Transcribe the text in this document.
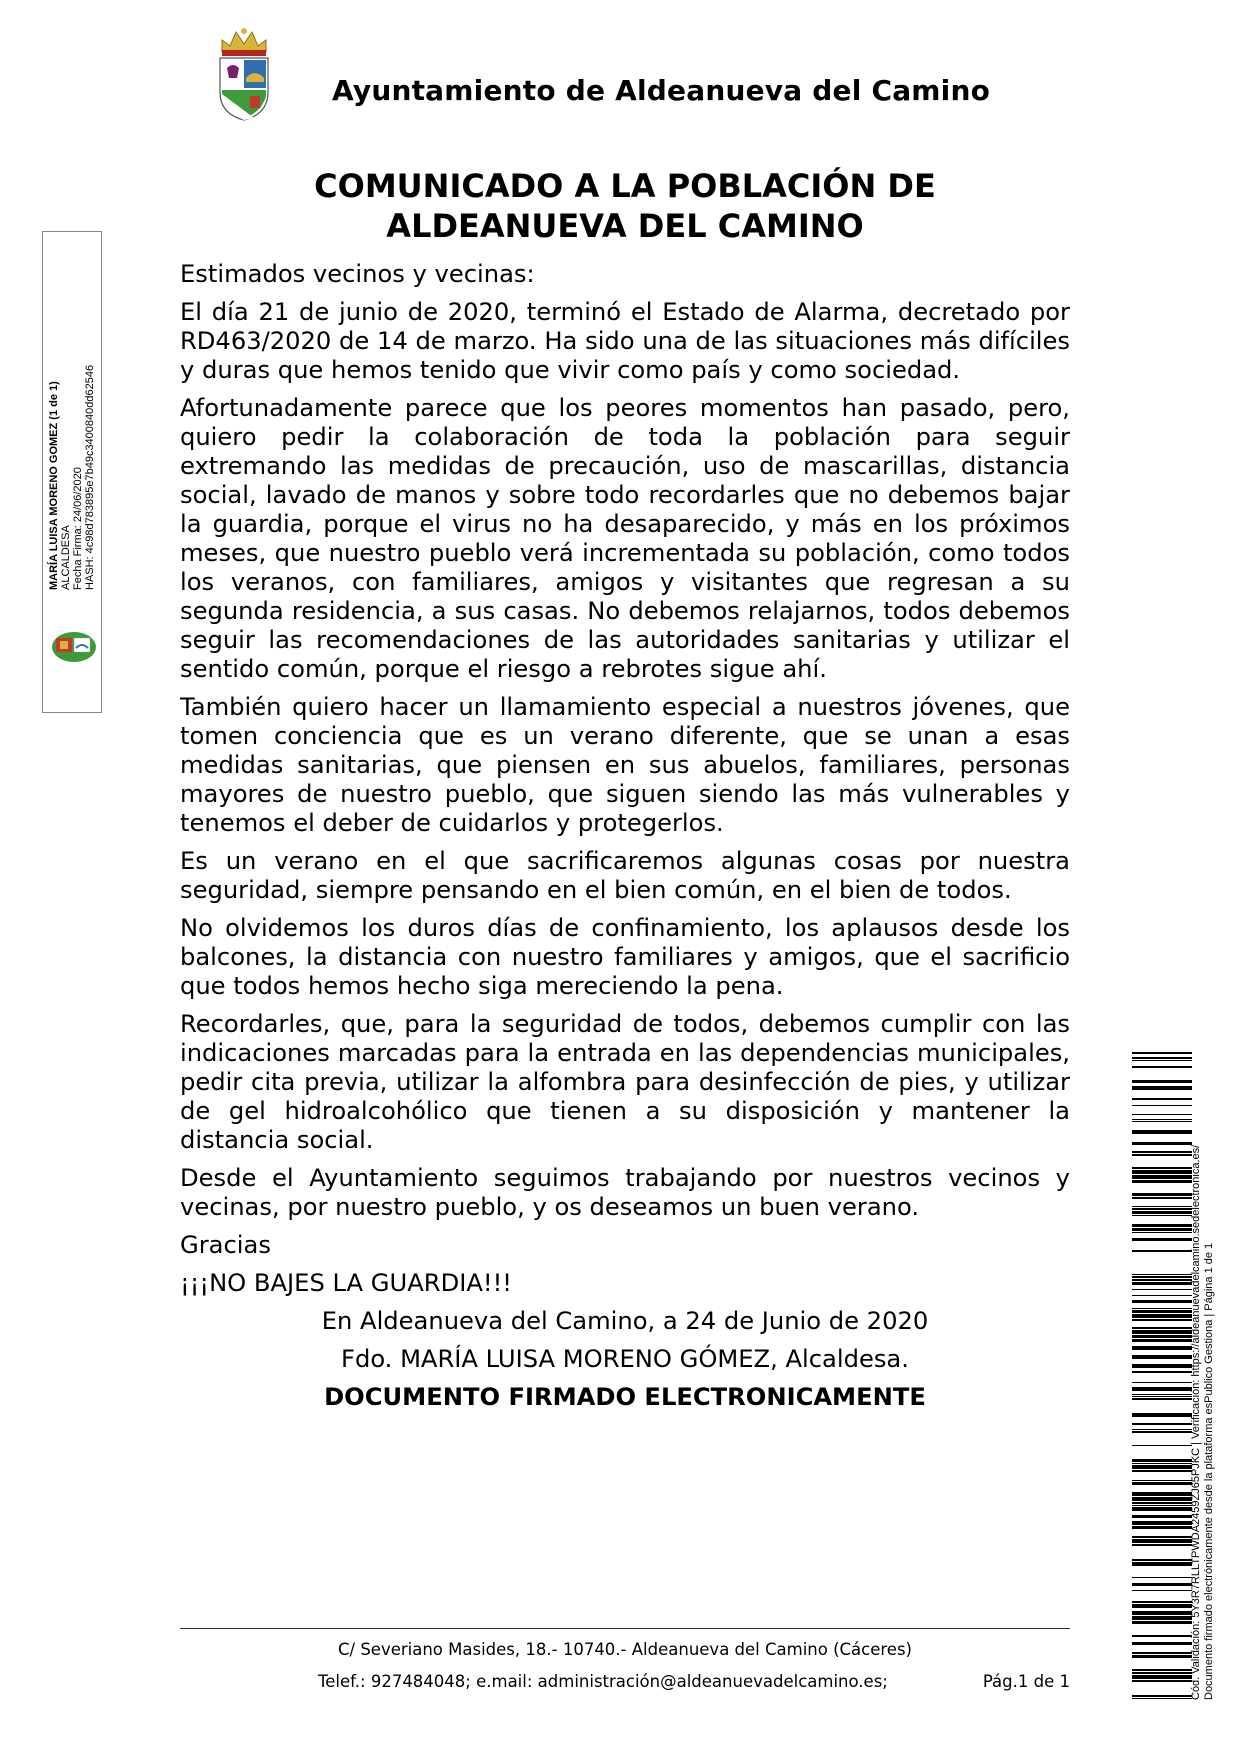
Ayuntamiento de Aldeanueva del Camino
COMUNICADO A LA POBLACIÓN DE
ALDEANUEVA DEL CAMINO

Estimados vecinos y vecinas:

El día 21 de junio de 2020, terminó el Estado de Alarma, decretado por RD463/2020 de 14 de marzo. Ha sido una de las situaciones más difíciles y duras que hemos tenido que vivir como país y como sociedad.

Afortunadamente parece que los peores momentos han pasado, pero, quiero pedir la colaboración de toda la población para seguir extremando las medidas de precaución, uso de mascarillas, distancia social, lavado de manos y sobre todo recordarles que no debemos bajar la guardia, porque el virus no ha desaparecido, y más en los próximos meses, que nuestro pueblo verá incrementada su población, como todos los veranos, con familiares, amigos y visitantes que regresan a su segunda residencia, a sus casas. No debemos relajarnos, todos debemos seguir las recomendaciones de las autoridades sanitarias y utilizar el sentido común, porque el riesgo a rebrotes sigue ahí.

También quiero hacer un llamamiento especial a nuestros jóvenes, que tomen conciencia que es un verano diferente, que se unan a esas medidas sanitarias, que piensen en sus abuelos, familiares, personas mayores de nuestro pueblo, que siguen siendo las más vulnerables y tenemos el deber de cuidarlos y protegerlos.

Es un verano en el que sacrificaremos algunas cosas por nuestra seguridad, siempre pensando en el bien común, en el bien de todos.

No olvidemos los duros días de confinamiento, los aplausos desde los balcones, la distancia con nuestro familiares y amigos, que el sacrificio que todos hemos hecho siga mereciendo la pena.

Recordarles, que, para la seguridad de todos, debemos cumplir con las indicaciones marcadas para la entrada en las dependencias municipales, pedir cita previa, utilizar la alfombra para desinfección de pies, y utilizar de gel hidroalcohólico que tienen a su disposición y mantener la distancia social.

Desde el Ayuntamiento seguimos trabajando por nuestros vecinos y vecinas, por nuestro pueblo, y os deseamos un buen verano.

Gracias

¡¡¡NO BAJES LA GUARDIA!!!

En Aldeanueva del Camino, a 24 de Junio de 2020

Fdo. MARÍA LUISA MORENO GÓMEZ, Alcaldesa.

DOCUMENTO FIRMADO ELECTRONICAMENTE

C/ Severiano Masides, 18.- 10740.- Aldeanueva del Camino (Cáceres)
Telef.: 927484048; e.mail: administración@aldeanuevadelcamino.es;	Pág.1 de 1
MARÍA LUISA MORENO GOMEZ (1 de 1) ALCALDESA Fecha Firma: 24/06/2020 HASH: 4c98d783895e7b49c3400840dd62546
Cód. Validación: 5Y3R7RLLTPWDA2459ZJ65PJKC | Verificación: https://aldeanuevadelcamino.sedelectronica.es/ Documento firmado electrónicamente desde la plataforma esPublico Gestiona | Página 1 de 1
